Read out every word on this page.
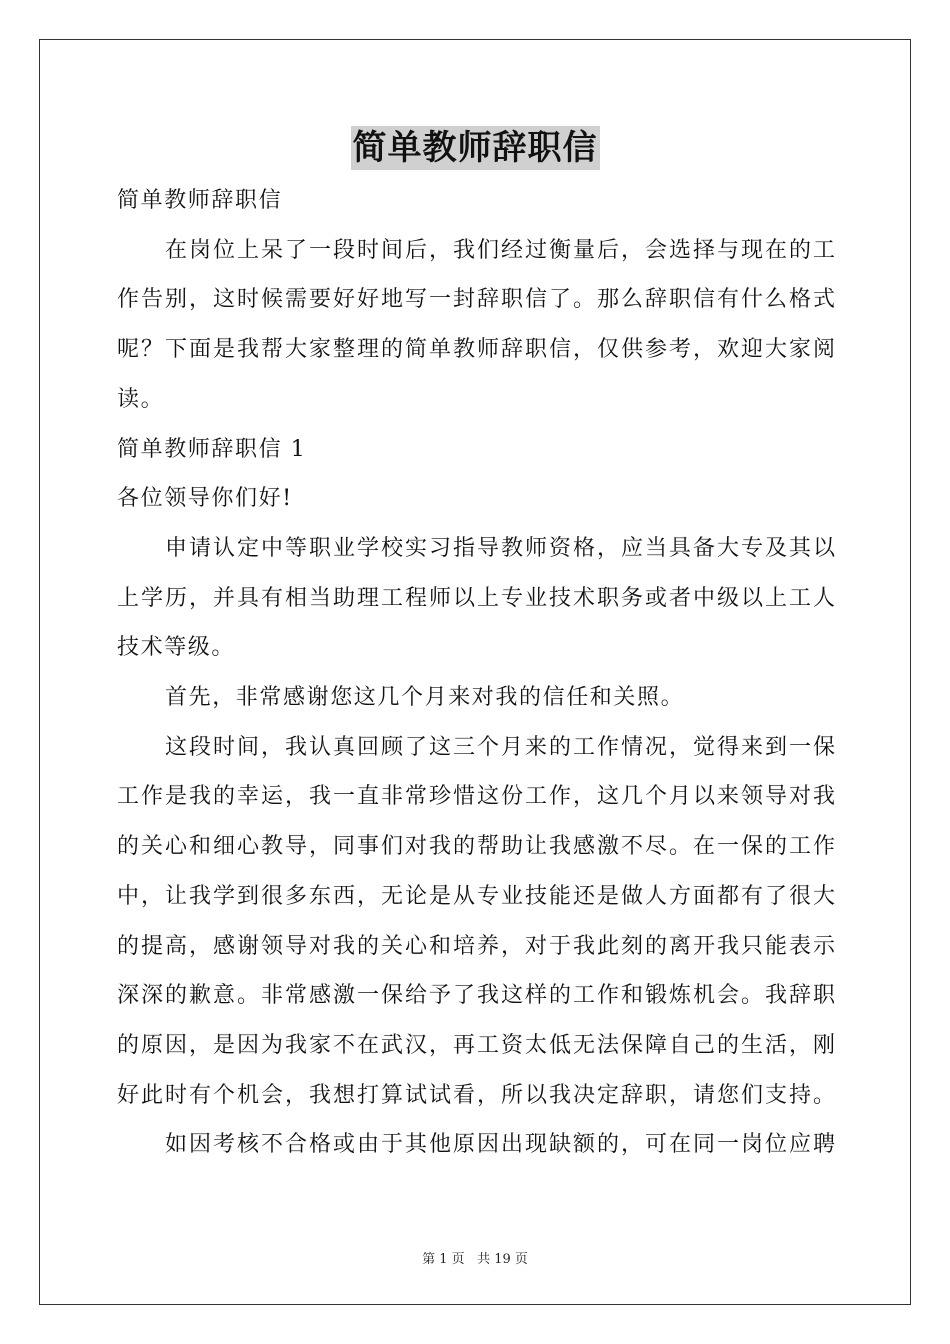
简单教师辞职信
简单教师辞职信
在岗位上呆了一段时间后，我们经过衡量后，会选择与现在的工
作告别，这时候需要好好地写一封辞职信了。那么辞职信有什么格式
呢？下面是我帮大家整理的简单教师辞职信，仅供参考，欢迎大家阅
读。
简单教师辞职信 1
各位领导你们好!
申请认定中等职业学校实习指导教师资格，应当具备大专及其以
上学历，并具有相当助理工程师以上专业技术职务或者中级以上工人
技术等级。
首先，非常感谢您这几个月来对我的信任和关照。
这段时间，我认真回顾了这三个月来的工作情况，觉得来到一保
工作是我的幸运，我一直非常珍惜这份工作，这几个月以来领导对我
的关心和细心教导，同事们对我的帮助让我感激不尽。在一保的工作
中，让我学到很多东西，无论是从专业技能还是做人方面都有了很大
的提高，感谢领导对我的关心和培养，对于我此刻的离开我只能表示
深深的歉意。非常感激一保给予了我这样的工作和锻炼机会。我辞职
的原因，是因为我家不在武汉，再工资太低无法保障自己的生活，刚
好此时有个机会，我想打算试试看，所以我决定辞职，请您们支持。
如因考核不合格或由于其他原因出现缺额的，可在同一岗位应聘
第 1 页 共 19 页
